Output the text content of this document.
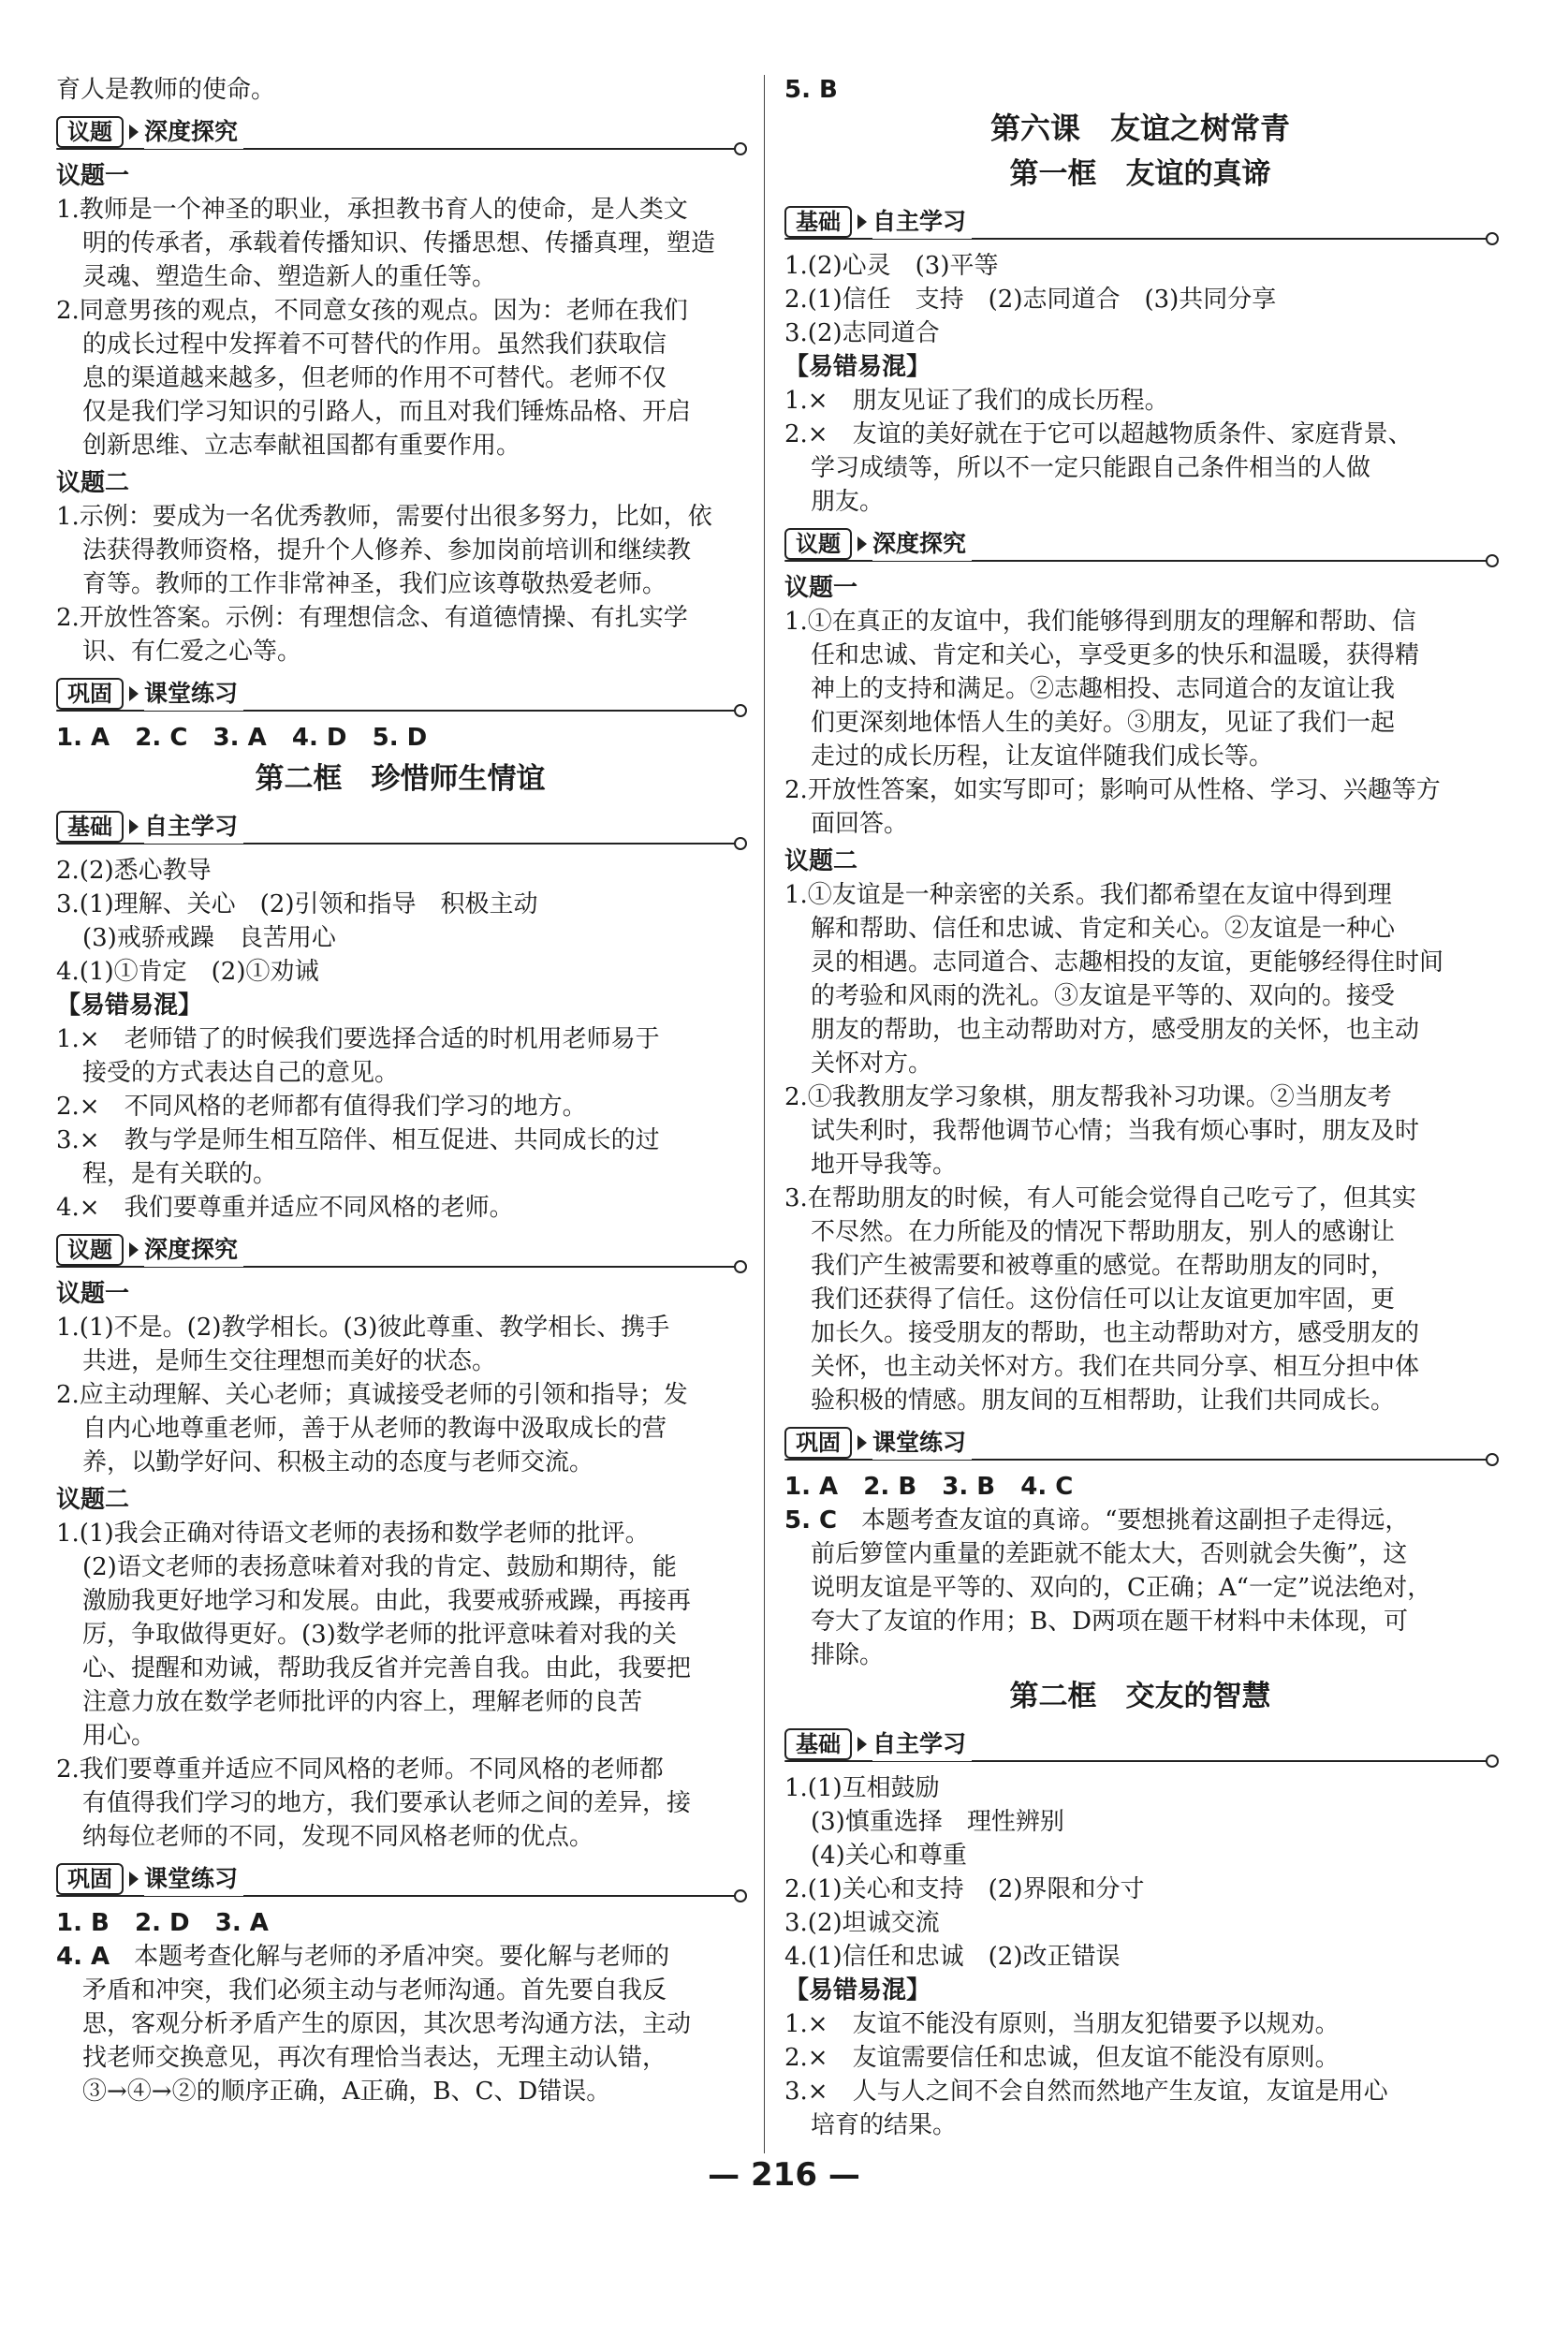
育人是教师的使命。
议题	深度探究
议题一
1.教师是一个神圣的职业，承担教书育人的使命，是人类文
明的传承者，承载着传播知识、传播思想、传播真理，塑造
灵魂、塑造生命、塑造新人的重任等。
2.同意男孩的观点，不同意女孩的观点。因为：老师在我们
的成长过程中发挥着不可替代的作用。虽然我们获取信
息的渠道越来越多，但老师的作用不可替代。老师不仅
仅是我们学习知识的引路人，而且对我们锤炼品格、开启
创新思维、立志奉献祖国都有重要作用。
议题二
1.示例：要成为一名优秀教师，需要付出很多努力，比如，依
法获得教师资格，提升个人修养、参加岗前培训和继续教
育等。教师的工作非常神圣，我们应该尊敬热爱老师。
2.开放性答案。示例：有理想信念、有道德情操、有扎实学
识、有仁爱之心等。
巩固	课堂练习
1. A   2. C   3. A   4. D   5. D
第二框　珍惜师生情谊
基础	自主学习
2.(2)悉心教导
3.(1)理解、关心　(2)引领和指导　积极主动
(3)戒骄戒躁　良苦用心
4.(1)①肯定　(2)①劝诫
【易错易混】
1.×　老师错了的时候我们要选择合适的时机用老师易于
接受的方式表达自己的意见。
2.×　不同风格的老师都有值得我们学习的地方。
3.×　教与学是师生相互陪伴、相互促进、共同成长的过
程，是有关联的。
4.×　我们要尊重并适应不同风格的老师。
议题	深度探究
议题一
1.(1)不是。(2)教学相长。(3)彼此尊重、教学相长、携手
共进，是师生交往理想而美好的状态。
2.应主动理解、关心老师；真诚接受老师的引领和指导；发
自内心地尊重老师，善于从老师的教诲中汲取成长的营
养，以勤学好问、积极主动的态度与老师交流。
议题二
1.(1)我会正确对待语文老师的表扬和数学老师的批评。
(2)语文老师的表扬意味着对我的肯定、鼓励和期待，能
激励我更好地学习和发展。由此，我要戒骄戒躁，再接再
厉，争取做得更好。(3)数学老师的批评意味着对我的关
心、提醒和劝诫，帮助我反省并完善自我。由此，我要把
注意力放在数学老师批评的内容上，理解老师的良苦
用心。
2.我们要尊重并适应不同风格的老师。不同风格的老师都
有值得我们学习的地方，我们要承认老师之间的差异，接
纳每位老师的不同，发现不同风格老师的优点。
巩固	课堂练习
1. B   2. D   3. A
4. A　 本题考查化解与老师的矛盾冲突。要化解与老师的
矛盾和冲突，我们必须主动与老师沟通。首先要自我反
思，客观分析矛盾产生的原因，其次思考沟通方法，主动
找老师交换意见，再次有理恰当表达，无理主动认错，
③→④→②的顺序正确，A正确，B、C、D错误。
5. B
第六课　友谊之树常青
第一框　友谊的真谛
基础	自主学习
1.(2)心灵　(3)平等
2.(1)信任　支持　(2)志同道合　(3)共同分享
3.(2)志同道合
【易错易混】
1.×　朋友见证了我们的成长历程。
2.×　友谊的美好就在于它可以超越物质条件、家庭背景、
学习成绩等，所以不一定只能跟自己条件相当的人做
朋友。
议题	深度探究
议题一
1.①在真正的友谊中，我们能够得到朋友的理解和帮助、信
任和忠诚、肯定和关心，享受更多的快乐和温暖，获得精
神上的支持和满足。②志趣相投、志同道合的友谊让我
们更深刻地体悟人生的美好。③朋友，见证了我们一起
走过的成长历程，让友谊伴随我们成长等。
2.开放性答案，如实写即可；影响可从性格、学习、兴趣等方
面回答。
议题二
1.①友谊是一种亲密的关系。我们都希望在友谊中得到理
解和帮助、信任和忠诚、肯定和关心。②友谊是一种心
灵的相遇。志同道合、志趣相投的友谊，更能够经得住时间
的考验和风雨的洗礼。③友谊是平等的、双向的。接受
朋友的帮助，也主动帮助对方，感受朋友的关怀，也主动
关怀对方。
2.①我教朋友学习象棋，朋友帮我补习功课。②当朋友考
试失利时，我帮他调节心情；当我有烦心事时，朋友及时
地开导我等。
3.在帮助朋友的时候，有人可能会觉得自己吃亏了，但其实
不尽然。在力所能及的情况下帮助朋友，别人的感谢让
我们产生被需要和被尊重的感觉。在帮助朋友的同时，
我们还获得了信任。这份信任可以让友谊更加牢固，更
加长久。接受朋友的帮助，也主动帮助对方，感受朋友的
关怀，也主动关怀对方。我们在共同分享、相互分担中体
验积极的情感。朋友间的互相帮助，让我们共同成长。
巩固	课堂练习
1. A   2. B   3. B   4. C
5. C　 本题考查友谊的真谛。“要想挑着这副担子走得远，
前后箩筐内重量的差距就不能太大，否则就会失衡”，这
说明友谊是平等的、双向的，C正确；A“一定”说法绝对，
夸大了友谊的作用；B、D两项在题干材料中未体现，可
排除。
第二框　交友的智慧
基础	自主学习
1.(1)互相鼓励
(3)慎重选择　理性辨别
(4)关心和尊重
2.(1)关心和支持　(2)界限和分寸
3.(2)坦诚交流
4.(1)信任和忠诚　(2)改正错误
【易错易混】
1.×　友谊不能没有原则，当朋友犯错要予以规劝。
2.×　友谊需要信任和忠诚，但友谊不能没有原则。
3.×　人与人之间不会自然而然地产生友谊，友谊是用心
培育的结果。
— 216 —
